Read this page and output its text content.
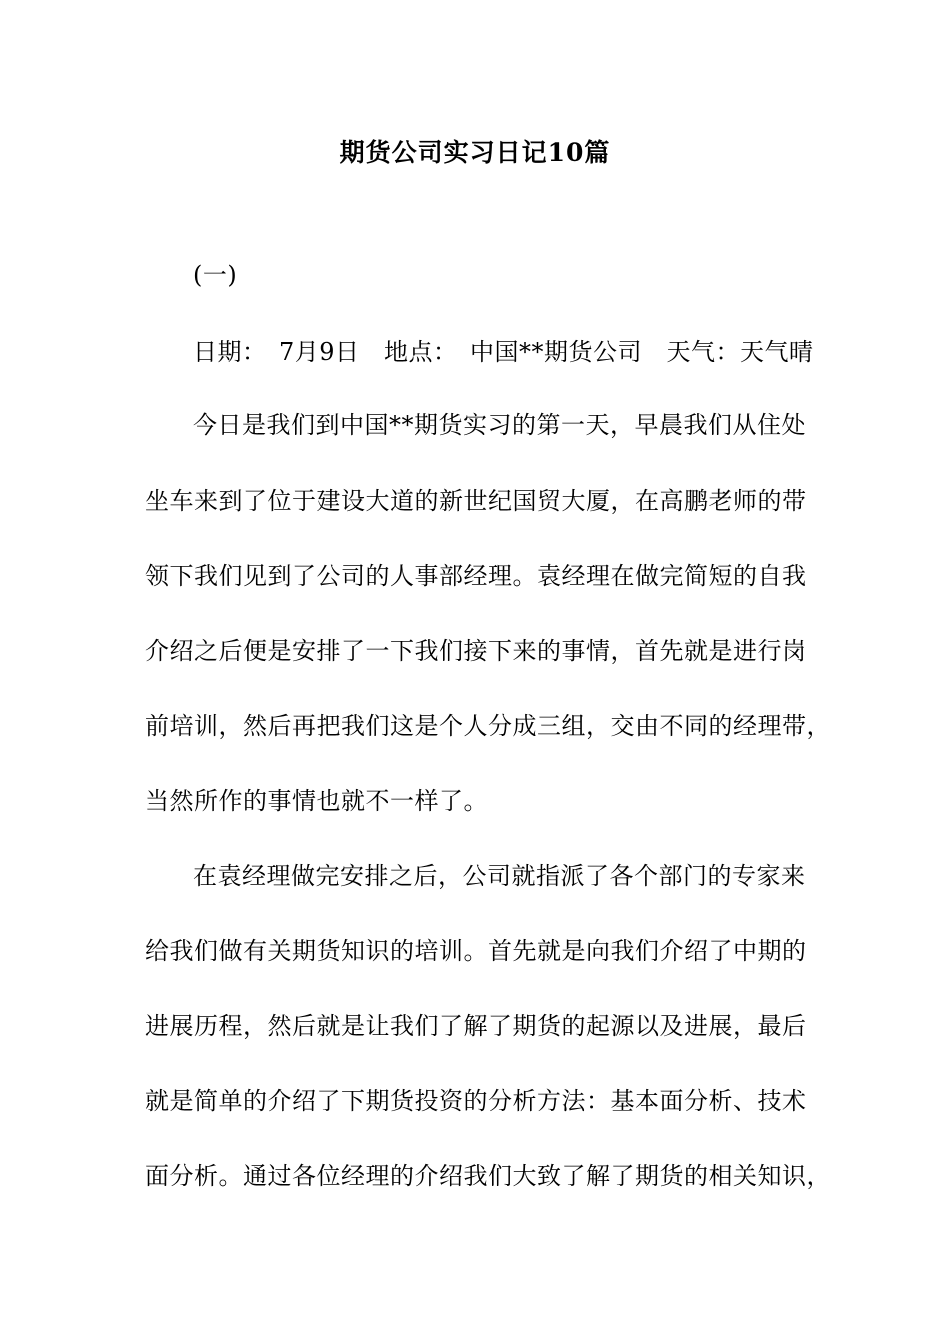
期货公司实习日记10篇
(一)
日期：　7月9日　地点：　中国**期货公司　天气：天气晴
今日是我们到中国**期货实习的第一天，早晨我们从住处
坐车来到了位于建设大道的新世纪国贸大厦，在高鹏老师的带
领下我们见到了公司的人事部经理。袁经理在做完简短的自我
介绍之后便是安排了一下我们接下来的事情，首先就是进行岗
前培训，然后再把我们这是个人分成三组，交由不同的经理带，
当然所作的事情也就不一样了。
在袁经理做完安排之后，公司就指派了各个部门的专家来
给我们做有关期货知识的培训。首先就是向我们介绍了中期的
进展历程，然后就是让我们了解了期货的起源以及进展，最后
就是简单的介绍了下期货投资的分析方法：基本面分析、技术
面分析。通过各位经理的介绍我们大致了解了期货的相关知识，
